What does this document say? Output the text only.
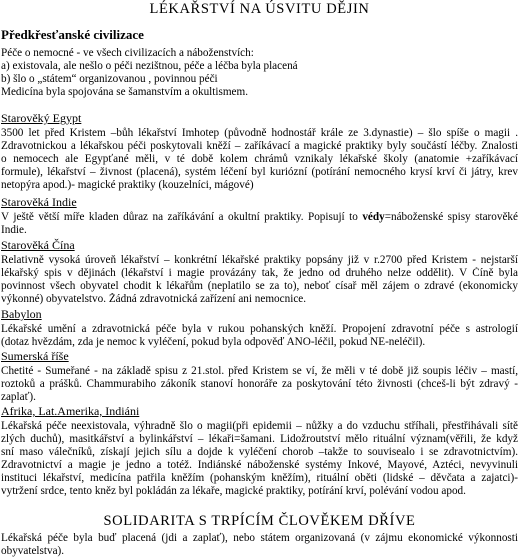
LÉKAŘSTVÍ NA ÚSVITU DĚJIN
Předkřesťanské civilizace
Péče o nemocné - ve všech civilizacích a náboženstvích:
a) existovala, ale nešlo o péči nezištnou, péče a léčba byla placená
b) šlo o „státem“ organizovanou , povinnou péči
Medicína byla spojována se šamanstvím a okultismem.
Starověký Egypt
3500 let před Kristem –bůh lékařství Imhotep (původně hodnostář krále ze 3.dynastie) – šlo spíše o magii .
Zdravotnickou a lékařskou péči poskytovali kněží – zaříkávací a magické praktiky byly součástí léčby. Znalosti
o nemocech ale Egypťané měli, v té době kolem chrámů vznikaly lékařské školy (anatomie +zaříkávací
formule), lékařství – živnost (placená), systém léčení byl kuriózní (potírání nemocného krysí krví či játry, krev
netopýra apod.)- magické praktiky (kouzelníci, mágové)
Starověká Indie
V ještě větší míře kladen důraz na zaříkávání a okultní praktiky. Popisují to védy=náboženské spisy starověké
Indie.
Starověká Čína
Relativně vysoká úroveň lékařství – konkrétní lékařské praktiky popsány již v r.2700 před Kristem - nejstarší
lékařský spis v dějinách (lékařství i magie provázány tak, že jedno od druhého nelze oddělit). V Číně byla
povinnost všech obyvatel chodit k lékařům (neplatilo se za to), neboť císař měl zájem o zdravé (ekonomicky
výkonné) obyvatelstvo. Žádná zdravotnická zařízení ani nemocnice.
Babylon
Lékařské umění a zdravotnická péče byla v rukou pohanských kněží. Propojení zdravotní péče s astrologií
(dotaz hvězdám, zda je nemoc k vyléčení, pokud byla odpověď ANO-léčil, pokud NE-neléčil).
Sumerská říše
Chetité - Sumeřané - na základě spisu z 21.stol. před Kristem se ví, že měli v té době již soupis léčiv – mastí,
roztoků a prášků. Chammurabiho zákoník stanoví honoráře za poskytování této živnosti (chceš-li být zdravý -
zaplať).
Afrika, Lat.Amerika, Indiáni
Lékařská péče neexistovala, výhradně šlo o magii(při epidemii – nůžky a do vzduchu stříhali, přestřihávali sítě
zlých duchů), masitkářství a bylinkářství – lékaři=šamani. Lidožroutství mělo rituální význam(věřili, že když
sní maso válečníků, získají jejich sílu a dojde k vyléčení chorob –takže to souvisealo i se zdravotnictvím).
Zdravotnictví a magie je jedno a totéž. Indiánské náboženské systémy Inkové, Mayové, Aztéci, nevyvinuli
instituci lékařství, medicína patřila kněžím (pohanským kněžím), rituální oběti (lidské – děvčata a zajatci)-
vytržení srdce, tento kněz byl pokládán za lékaře, magické praktiky, potírání krví, polévání vodou apod.
SOLIDARITA S TRPÍCÍM ČLOVĚKEM DŘÍVE
Lékařská péče byla buď placená (jdi a zaplať), nebo státem organizovaná (v zájmu ekonomické výkonnosti
obyvatelstva).
